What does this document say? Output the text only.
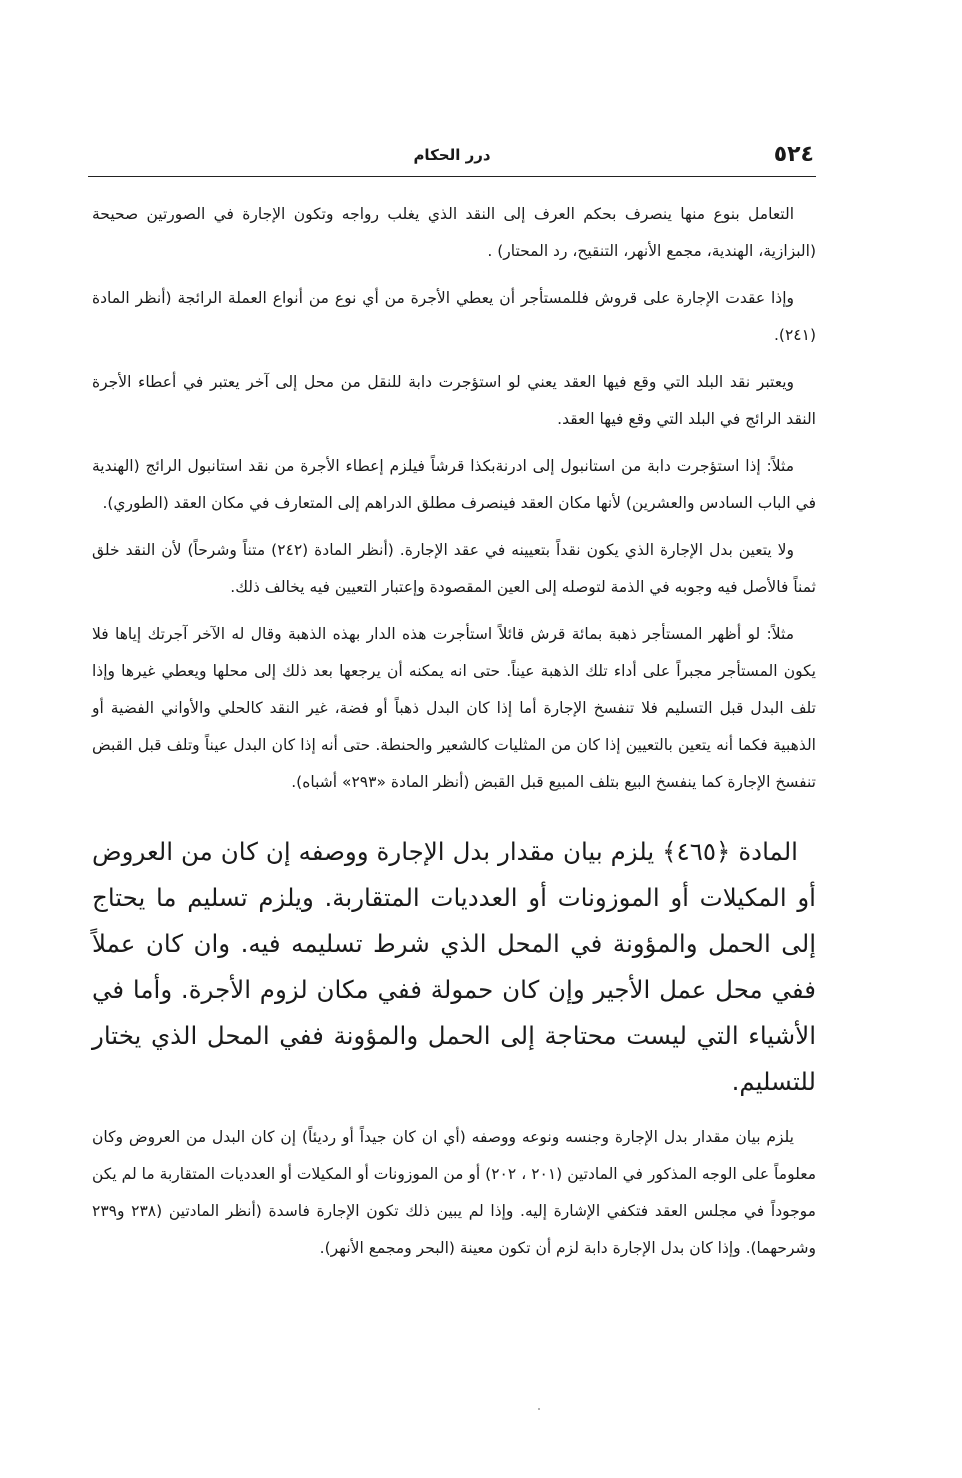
٥٢٤
درر الحكام

التعامل بنوع منها ينصرف بحكم العرف إلى النقد الذي يغلب رواجه وتكون الإجارة في الصورتين صحيحة (البزازية، الهندية، مجمع الأنهر، التنقيح، رد المحتار) .

وإذا عقدت الإجارة على قروش فللمستأجر أن يعطي الأجرة من أي نوع من أنواع العملة الرائجة (أنظر المادة (٢٤١).

ويعتبر نقد البلد التي وقع فيها العقد يعني لو استؤجرت دابة للنقل من محل إلى آخر يعتبر في أعطاء الأجرة النقد الرائج في البلد التي وقع فيها العقد.

مثلاً: إذا استؤجرت دابة من استانبول إلى ادرنةبكذا قرشاً فيلزم إعطاء الأجرة من نقد استانبول الرائج (الهندية في الباب السادس والعشرين) لأنها مكان العقد فينصرف مطلق الدراهم إلى المتعارف في مكان العقد (الطوري).

ولا يتعين بدل الإجارة الذي يكون نقداً بتعيينه في عقد الإجارة. (أنظر المادة (٢٤٢) متناً وشرحاً) لأن النقد خلق ثمناً فالأصل فيه وجوبه في الذمة لتوصله إلى العين المقصودة وإعتبار التعيين فيه يخالف ذلك.

مثلاً: لو أظهر المستأجر ذهبة بمائة قرش قائلاً استأجرت هذه الدار بهذه الذهبة وقال له الآخر آجرتك إياها فلا يكون المستأجر مجبراً على أداء تلك الذهبة عيناً. حتى انه يمكنه أن يرجعها بعد ذلك إلى محلها ويعطي غيرها وإذا تلف البدل قبل التسليم فلا تنفسخ الإجارة أما إذا كان البدل ذهباً أو فضة، غير النقد كالحلي والأواني الفضية أو الذهبية فكما أنه يتعين بالتعيين إذا كان من المثليات كالشعير والحنطة. حتى أنه إذا كان البدل عيناً وتلف قبل القبض تنفسخ الإجارة كما ينفسخ البيع بتلف المبيع قبل القبض (أنظر المادة «٢٩٣» أشباه).

المادة ﴿٤٦٥﴾ يلزم بيان مقدار بدل الإجارة ووصفه إن كان من العروض أو المكيلات أو الموزونات أو العدديات المتقاربة. ويلزم تسليم ما يحتاج إلى الحمل والمؤونة في المحل الذي شرط تسليمه فيه. وان كان عملاً ففي محل عمل الأجير وإن كان حمولة ففي مكان لزوم الأجرة. وأما في الأشياء التي ليست محتاجة إلى الحمل والمؤونة ففي المحل الذي يختار للتسليم.

يلزم بيان مقدار بدل الإجارة وجنسه ونوعه ووصفه (أي ان كان جيداً أو رديئاً) إن كان البدل من العروض وكان معلوماً على الوجه المذكور في المادتين (٢٠١ ، ٢٠٢) أو من الموزونات أو المكيلات أو العدديات المتقاربة ما لم يكن موجوداً في مجلس العقد فتكفي الإشارة إليه. وإذا لم يبين ذلك تكون الإجارة فاسدة (أنظر المادتين (٢٣٨ و٢٣٩ وشرحهما). وإذا كان بدل الإجارة دابة لزم أن تكون معينة (البحر ومجمع الأنهر).
